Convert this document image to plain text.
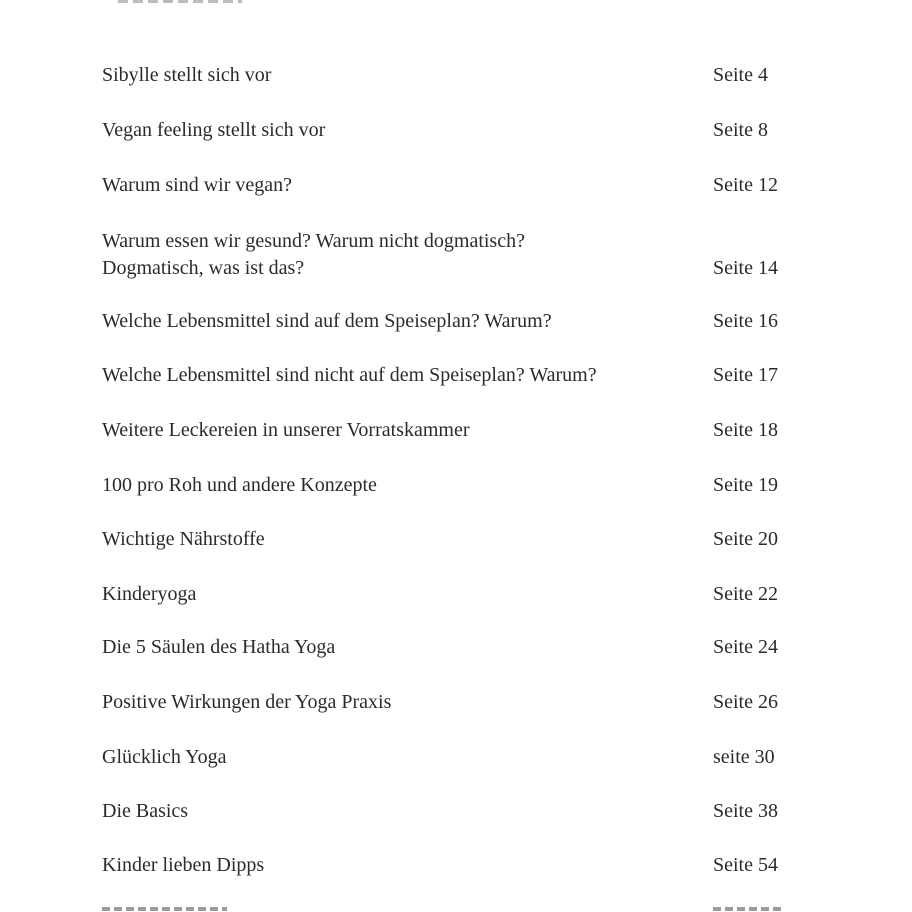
Sibylle stellt sich vor	Seite 4
Vegan feeling stellt sich vor	Seite 8
Warum sind wir vegan?	Seite 12
Warum essen wir gesund? Warum nicht dogmatisch?
Dogmatisch, was ist das?	Seite 14
Welche Lebensmittel sind auf dem Speiseplan? Warum?	Seite 16
Welche Lebensmittel sind nicht auf dem Speiseplan? Warum?	Seite 17
Weitere Leckereien in unserer Vorratskammer	Seite 18
100 pro Roh und andere Konzepte	Seite 19
Wichtige Nährstoffe	Seite 20
Kinderyoga	Seite 22
Die 5 Säulen des Hatha Yoga	Seite 24
Positive Wirkungen der Yoga Praxis	Seite 26
Glücklich Yoga	seite 30
Die Basics	Seite 38
Kinder lieben Dipps	Seite 54
